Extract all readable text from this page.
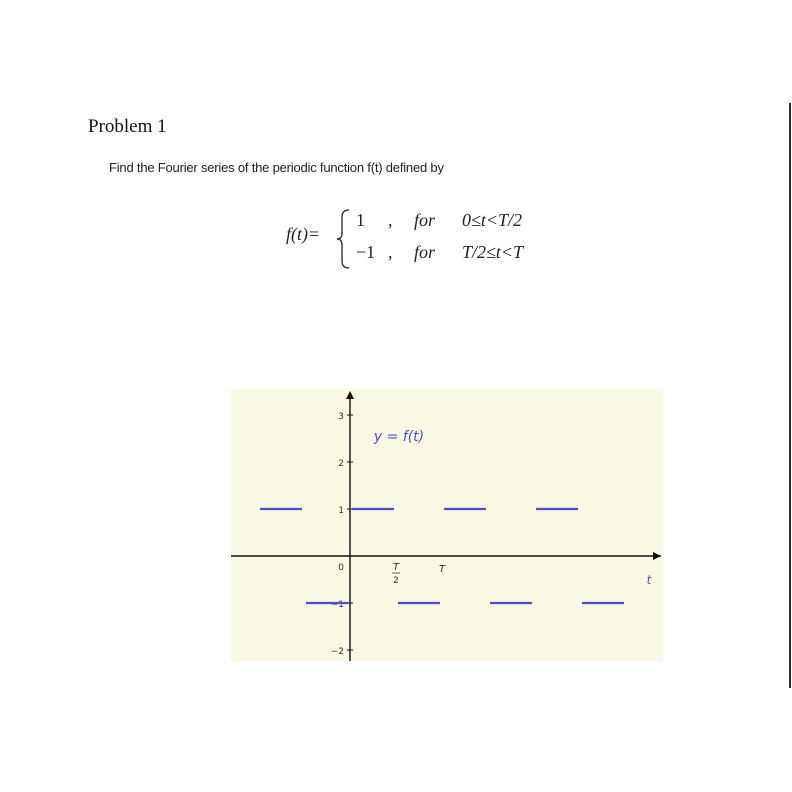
Problem 1
Find the Fourier series of the periodic function f(t) defined by
f(t)=
1 , for 0≤t<T/2
−1 , for T/2≤t<T
3
2
1
0
−1
−2
T
2
T
t
y = f(t)
